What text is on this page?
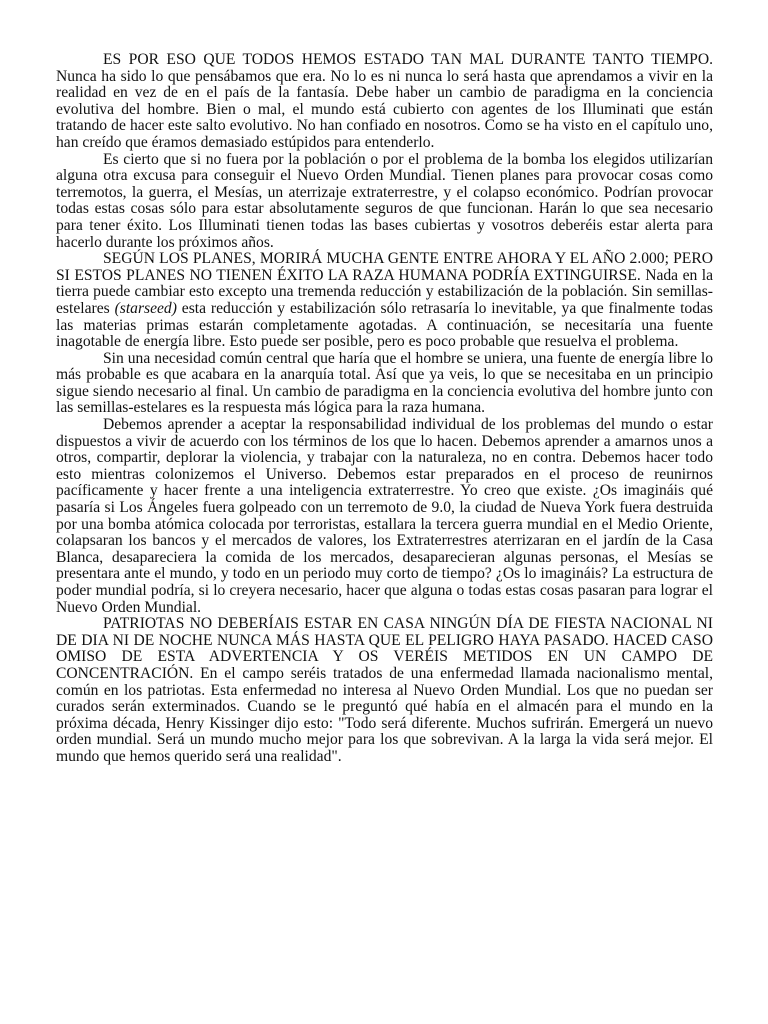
ES POR ESO QUE TODOS HEMOS ESTADO TAN MAL DURANTE TANTO TIEMPO. Nunca ha sido lo que pensábamos que era. No lo es ni nunca lo será hasta que aprendamos a vivir en la realidad en vez de en el país de la fantasía. Debe haber un cambio de paradigma en la conciencia evolutiva del hombre. Bien o mal, el mundo está cubierto con agentes de los Illuminati que están tratando de hacer este salto evolutivo. No han confiado en nosotros. Como se ha visto en el capítulo uno, han creído que éramos demasiado estúpidos para entenderlo.

Es cierto que si no fuera por la población o por el problema de la bomba los elegidos utilizarían alguna otra excusa para conseguir el Nuevo Orden Mundial. Tienen planes para provocar cosas como terremotos, la guerra, el Mesías, un aterrizaje extraterrestre, y el colapso económico. Podrían provocar todas estas cosas sólo para estar absolutamente seguros de que funcionan. Harán lo que sea necesario para tener éxito. Los Illuminati tienen todas las bases cubiertas y vosotros deberéis estar alerta para hacerlo durante los próximos años.

SEGÚN LOS PLANES, MORIRÁ MUCHA GENTE ENTRE AHORA Y EL AÑO 2.000; PERO SI ESTOS PLANES NO TIENEN ÉXITO LA RAZA HUMANA PODRÍA EXTINGUIRSE. Nada en la tierra puede cambiar esto excepto una tremenda reducción y estabilización de la población. Sin semillas-estelares (starseed) esta reducción y estabilización sólo retrasaría lo inevitable, ya que finalmente todas las materias primas estarán completamente agotadas. A continuación, se necesitaría una fuente inagotable de energía libre. Esto puede ser posible, pero es poco probable que resuelva el problema.

Sin una necesidad común central que haría que el hombre se uniera, una fuente de energía libre lo más probable es que acabara en la anarquía total. Así que ya veis, lo que se necesitaba en un principio sigue siendo necesario al final. Un cambio de paradigma en la conciencia evolutiva del hombre junto con las semillas-estelares es la respuesta más lógica para la raza humana.

Debemos aprender a aceptar la responsabilidad individual de los problemas del mundo o estar dispuestos a vivir de acuerdo con los términos de los que lo hacen. Debemos aprender a amarnos unos a otros, compartir, deplorar la violencia, y trabajar con la naturaleza, no en contra. Debemos hacer todo esto mientras colonizemos el Universo. Debemos estar preparados en el proceso de reunirnos pacíficamente y hacer frente a una inteligencia extraterrestre. Yo creo que existe. ¿Os imagináis qué pasaría si Los Ángeles fuera golpeado con un terremoto de 9.0, la ciudad de Nueva York fuera destruida por una bomba atómica colocada por terroristas, estallara la tercera guerra mundial en el Medio Oriente, colapsaran los bancos y el mercados de valores, los Extraterrestres aterrizaran en el jardín de la Casa Blanca, desapareciera la comida de los mercados, desaparecieran algunas personas, el Mesías se presentara ante el mundo, y todo en un periodo muy corto de tiempo? ¿Os lo imagináis? La estructura de poder mundial podría, si lo creyera necesario, hacer que alguna o todas estas cosas pasaran para lograr el Nuevo Orden Mundial.

PATRIOTAS NO DEBERÍAIS ESTAR EN CASA NINGÚN DÍA DE FIESTA NACIONAL NI DE DIA NI DE NOCHE NUNCA MÁS HASTA QUE EL PELIGRO HAYA PASADO. HACED CASO OMISO DE ESTA ADVERTENCIA Y OS VERÉIS METIDOS EN UN CAMPO DE CONCENTRACIÓN. En el campo seréis tratados de una enfermedad llamada nacionalismo mental, común en los patriotas. Esta enfermedad no interesa al Nuevo Orden Mundial. Los que no puedan ser curados serán exterminados. Cuando se le preguntó qué había en el almacén para el mundo en la próxima década, Henry Kissinger dijo esto: "Todo será diferente. Muchos sufrirán. Emergerá un nuevo orden mundial. Será un mundo mucho mejor para los que sobrevivan. A la larga la vida será mejor. El mundo que hemos querido será una realidad".
